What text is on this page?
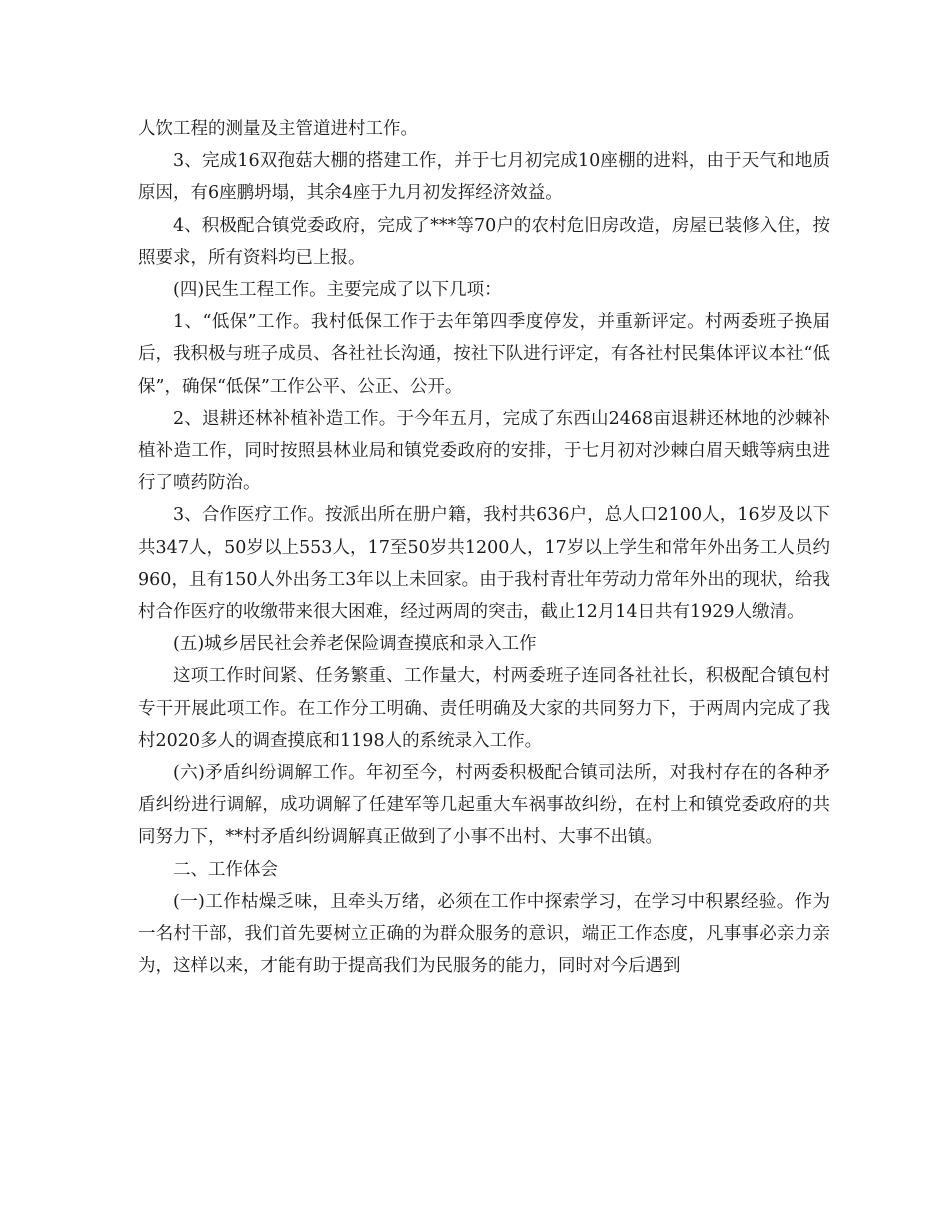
人饮工程的测量及主管道进村工作。

3、完成16双孢菇大棚的搭建工作，并于七月初完成10座棚的进料，由于天气和地质原因，有6座鹏坍塌，其余4座于九月初发挥经济效益。

4、积极配合镇党委政府，完成了***等70户的农村危旧房改造，房屋已装修入住，按照要求，所有资料均已上报。

(四)民生工程工作。主要完成了以下几项：

1、“低保”工作。我村低保工作于去年第四季度停发，并重新评定。村两委班子换届后，我积极与班子成员、各社社长沟通，按社下队进行评定，有各社村民集体评议本社“低保”，确保“低保”工作公平、公正、公开。

2、退耕还林补植补造工作。于今年五月，完成了东西山2468亩退耕还林地的沙棘补植补造工作，同时按照县林业局和镇党委政府的安排，于七月初对沙棘白眉天蛾等病虫进行了喷药防治。

3、合作医疗工作。按派出所在册户籍，我村共636户，总人口2100人，16岁及以下共347人，50岁以上553人，17至50岁共1200人，17岁以上学生和常年外出务工人员约960，且有150人外出务工3年以上未回家。由于我村青壮年劳动力常年外出的现状，给我村合作医疗的收缴带来很大困难，经过两周的突击，截止12月14日共有1929人缴清。

(五)城乡居民社会养老保险调查摸底和录入工作

这项工作时间紧、任务繁重、工作量大，村两委班子连同各社社长，积极配合镇包村专干开展此项工作。在工作分工明确、责任明确及大家的共同努力下，于两周内完成了我村2020多人的调查摸底和1198人的系统录入工作。

(六)矛盾纠纷调解工作。年初至今，村两委积极配合镇司法所，对我村存在的各种矛盾纠纷进行调解，成功调解了任建军等几起重大车祸事故纠纷，在村上和镇党委政府的共同努力下，**村矛盾纠纷调解真正做到了小事不出村、大事不出镇。

二、工作体会

(一)工作枯燥乏味，且牵头万绪，必须在工作中探索学习，在学习中积累经验。作为一名村干部，我们首先要树立正确的为群众服务的意识，端正工作态度，凡事事必亲力亲为，这样以来，才能有助于提高我们为民服务的能力，同时对今后遇到
